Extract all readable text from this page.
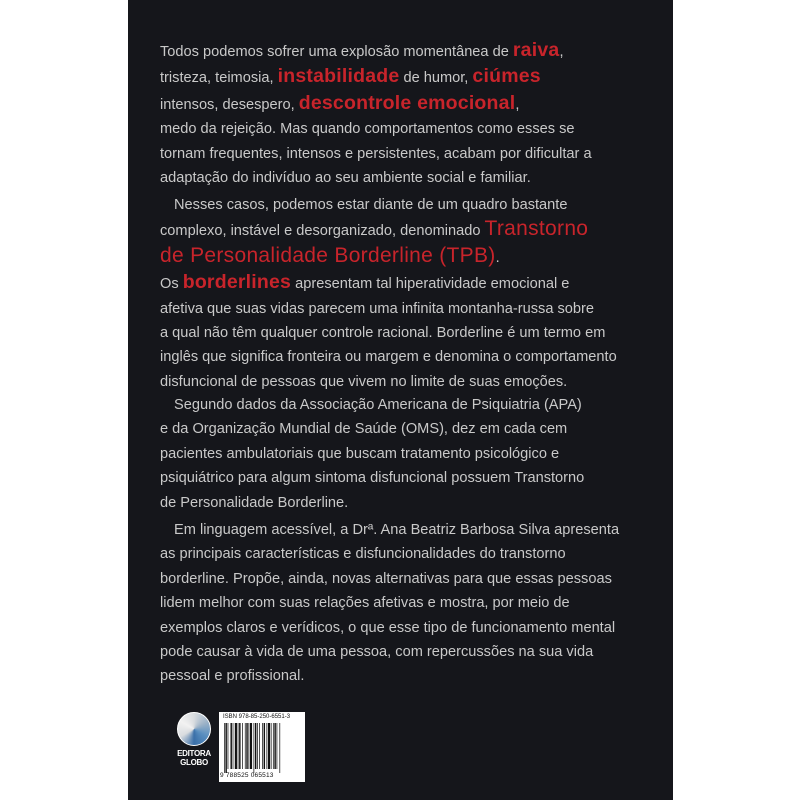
Todos podemos sofrer uma explosão momentânea de raiva,
tristeza, teimosia, instabilidade de humor, ciúmes
intensos, desespero, descontrole emocional,
medo da rejeição. Mas quando comportamentos como esses se
tornam frequentes, intensos e persistentes, acabam por dificultar a
adaptação do indivíduo ao seu ambiente social e familiar.
Nesses casos, podemos estar diante de um quadro bastante
complexo, instável e desorganizado, denominado Transtorno
de Personalidade Borderline (TPB).
Os borderlines apresentam tal hiperatividade emocional e
afetiva que suas vidas parecem uma infinita montanha-russa sobre
a qual não têm qualquer controle racional. Borderline é um termo em
inglês que significa fronteira ou margem e denomina o comportamento
disfuncional de pessoas que vivem no limite de suas emoções.
Segundo dados da Associação Americana de Psiquiatria (APA)
e da Organização Mundial de Saúde (OMS), dez em cada cem
pacientes ambulatoriais que buscam tratamento psicológico e
psiquiátrico para algum sintoma disfuncional possuem Transtorno
de Personalidade Borderline.
Em linguagem acessível, a Drª. Ana Beatriz Barbosa Silva apresenta
as principais características e disfuncionalidades do transtorno
borderline. Propõe, ainda, novas alternativas para que essas pessoas
lidem melhor com suas relações afetivas e mostra, por meio de
exemplos claros e verídicos, o que esse tipo de funcionamento mental
pode causar à vida de uma pessoa, com repercussões na sua vida
pessoal e profissional.
EDITORA
GLOBO
ISBN 978-85-250-6551-3
9 788525 065513
